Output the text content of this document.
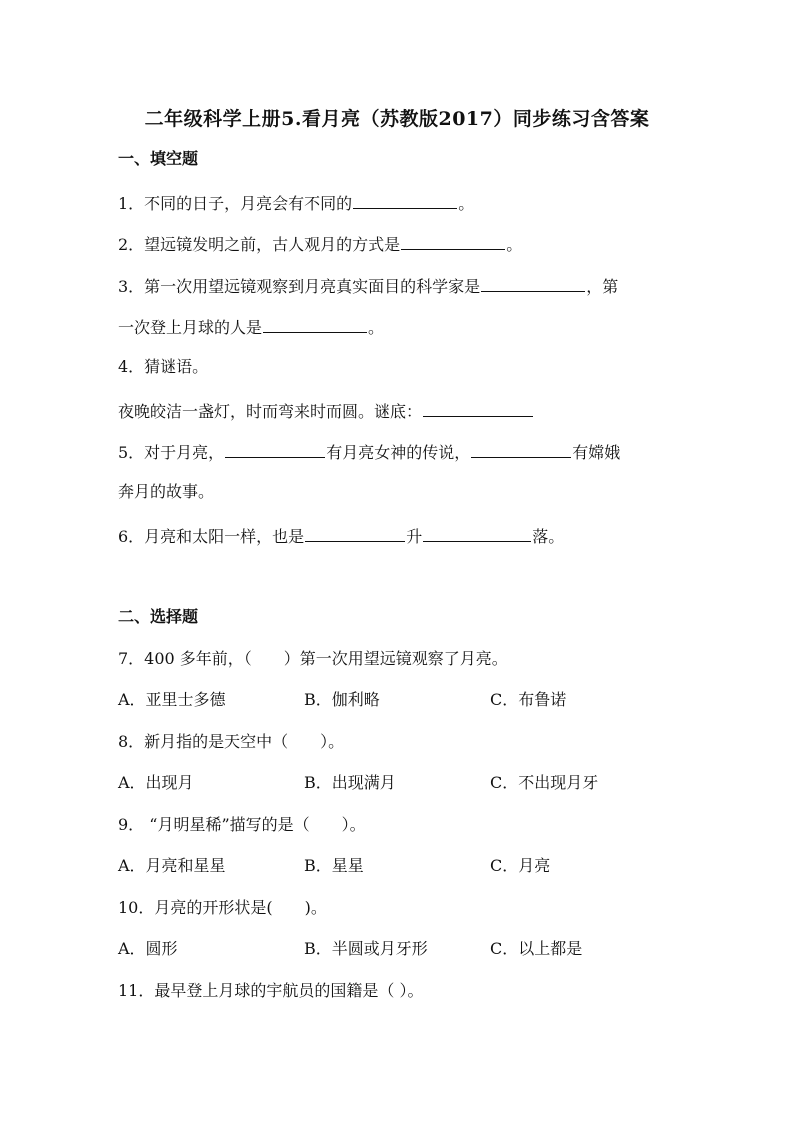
二年级科学上册5.看月亮（苏教版2017）同步练习含答案
一、填空题
1．不同的日子，月亮会有不同的	。
2．望远镜发明之前，古人观月的方式是	。
3．第一次用望远镜观察到月亮真实面目的科学家是	，第
一次登上月球的人是	。
4．猜谜语。
夜晚皎洁一盏灯，时而弯来时而圆。谜底：
5．对于月亮，	有月亮女神的传说，	有嫦娥
奔月的故事。
6．月亮和太阳一样，也是	升	落。
二、选择题
7．400 多年前，（　　）第一次用望远镜观察了月亮。
A．亚里士多德	B．伽利略	C．布鲁诺
8．新月指的是天空中（　　）。
A．出现月	B．出现满月	C．不出现月牙
9． “月明星稀”描写的是（　　）。
A．月亮和星星	B．星星	C．月亮
10．月亮的开形状是(　　)。
A．圆形	B．半圆或月牙形	C．以上都是
11．最早登上月球的宇航员的国籍是（ ）。
